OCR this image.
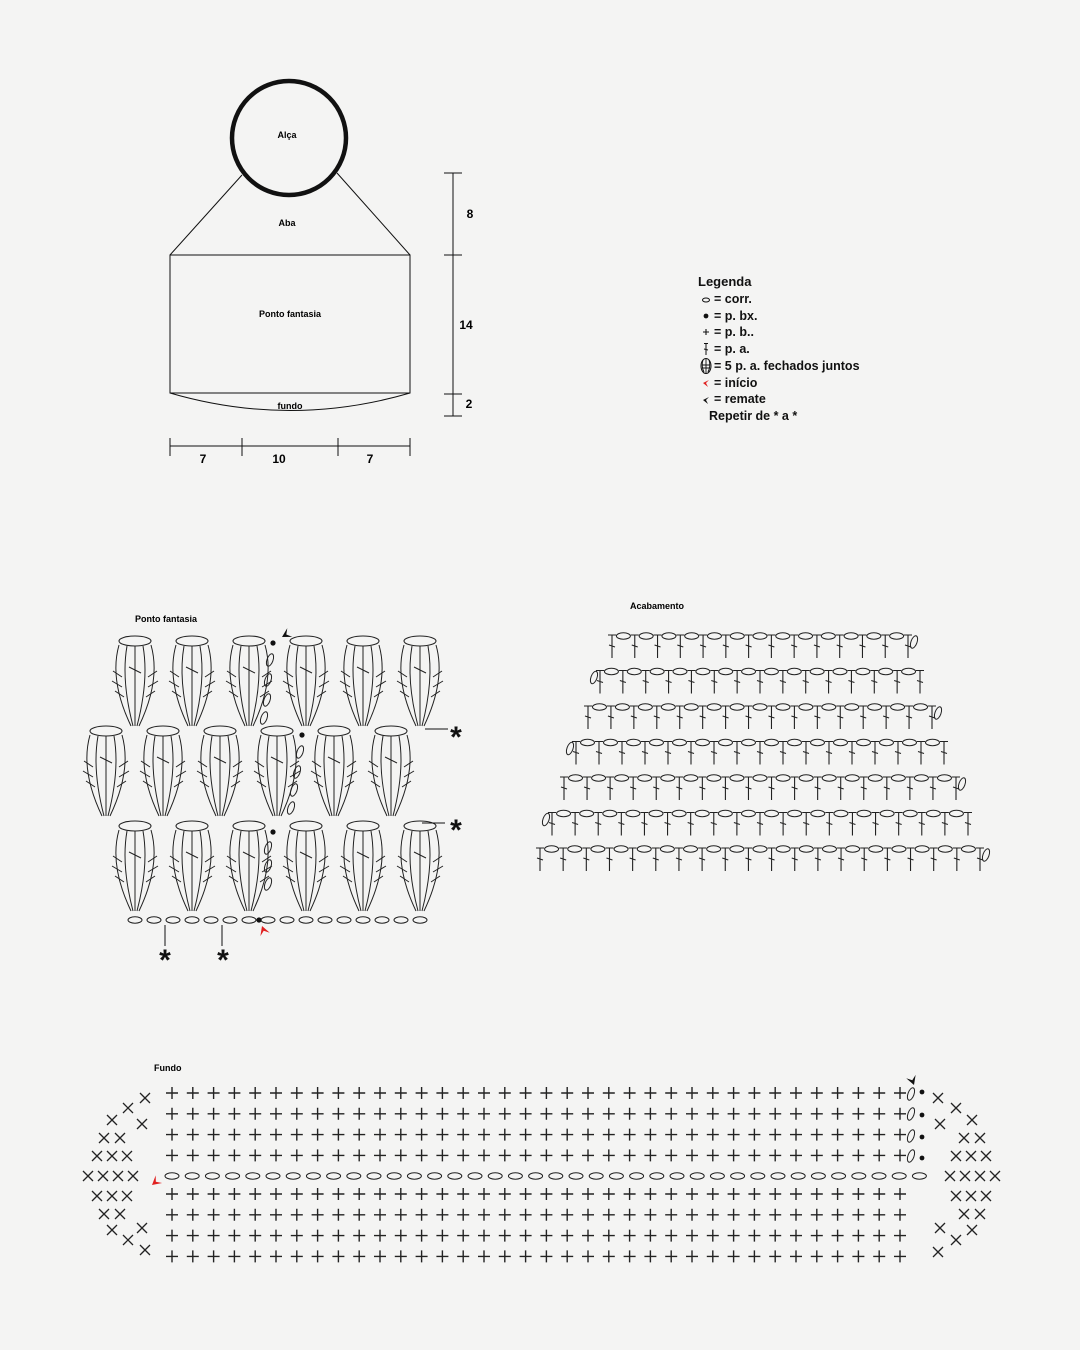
Alça
Aba
Ponto fantasia
fundo
8
14
2
7	10	7
Ponto fantasia
*
*
* *
Acabamento
Fundo
Legenda
= corr.
= p. bx.
= p. b..
= p. a.
= 5 p. a. fechados juntos
= início
= remate
Repetir de * a *
